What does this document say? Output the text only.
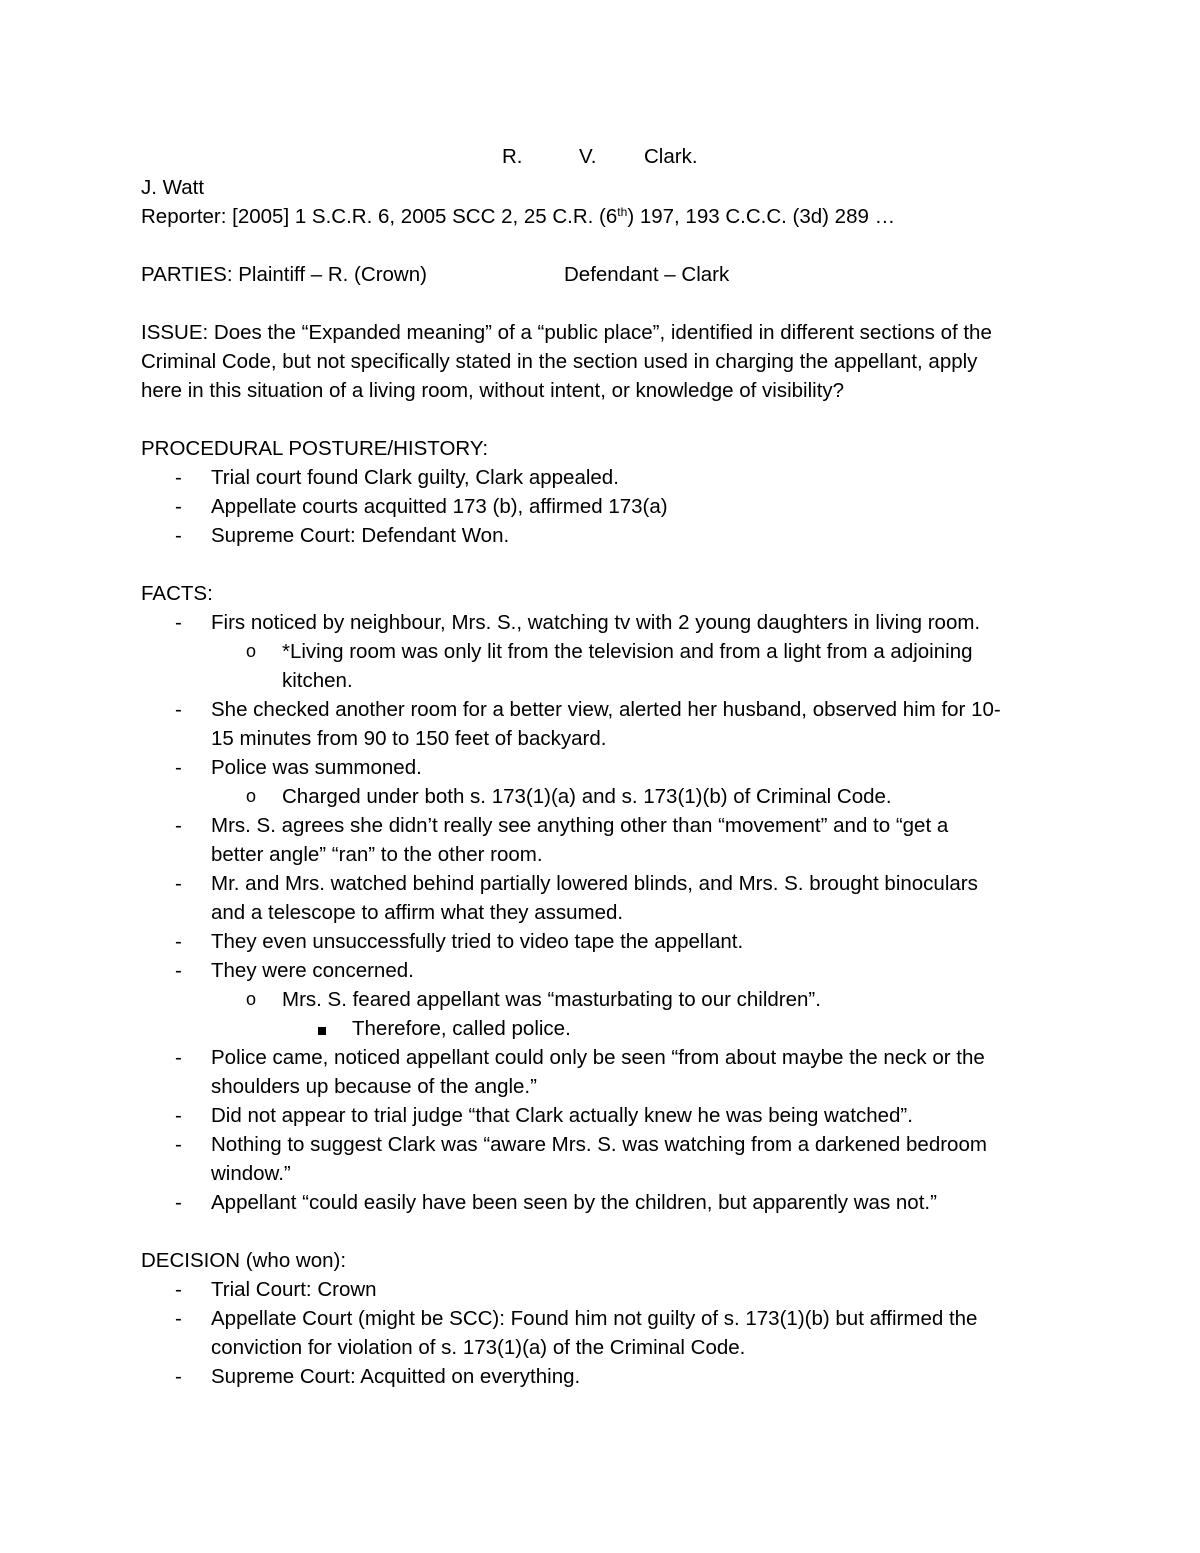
R.	V. Clark.

J. Watt

Reporter: [2005] 1 S.C.R. 6, 2005 SCC 2, 25 C.R. (6th) 197, 193 C.C.C. (3d) 289 …

PARTIES: Plaintiff – R. (Crown)	Defendant – Clark

ISSUE: Does the “Expanded meaning” of a “public place”, identified in different sections of the

Criminal Code, but not specifically stated in the section used in charging the appellant, apply

here in this situation of a living room, without intent, or knowledge of visibility?

PROCEDURAL POSTURE/HISTORY:

- Trial court found Clark guilty, Clark appealed.
- Appellate courts acquitted 173 (b), affirmed 173(a)
- Supreme Court: Defendant Won.

FACTS:

- Firs noticed by neighbour, Mrs. S., watching tv with 2 young daughters in living room.
o *Living room was only lit from the television and from a light from a adjoining
kitchen.
- She checked another room for a better view, alerted her husband, observed him for 10-
15 minutes from 90 to 150 feet of backyard.
- Police was summoned.
o Charged under both s. 173(1)(a) and s. 173(1)(b) of Criminal Code.
- Mrs. S. agrees she didn’t really see anything other than “movement” and to “get a
better angle” “ran” to the other room.
- Mr. and Mrs. watched behind partially lowered blinds, and Mrs. S. brought binoculars
and a telescope to affirm what they assumed.
- They even unsuccessfully tried to video tape the appellant.
- They were concerned.
o Mrs. S. feared appellant was “masturbating to our children”.
Therefore, called police.
- Police came, noticed appellant could only be seen “from about maybe the neck or the
shoulders up because of the angle.”
- Did not appear to trial judge “that Clark actually knew he was being watched”.
- Nothing to suggest Clark was “aware Mrs. S. was watching from a darkened bedroom
window.”
- Appellant “could easily have been seen by the children, but apparently was not.”

DECISION (who won):

- Trial Court: Crown
- Appellate Court (might be SCC): Found him not guilty of s. 173(1)(b) but affirmed the
conviction for violation of s. 173(1)(a) of the Criminal Code.
- Supreme Court: Acquitted on everything.
